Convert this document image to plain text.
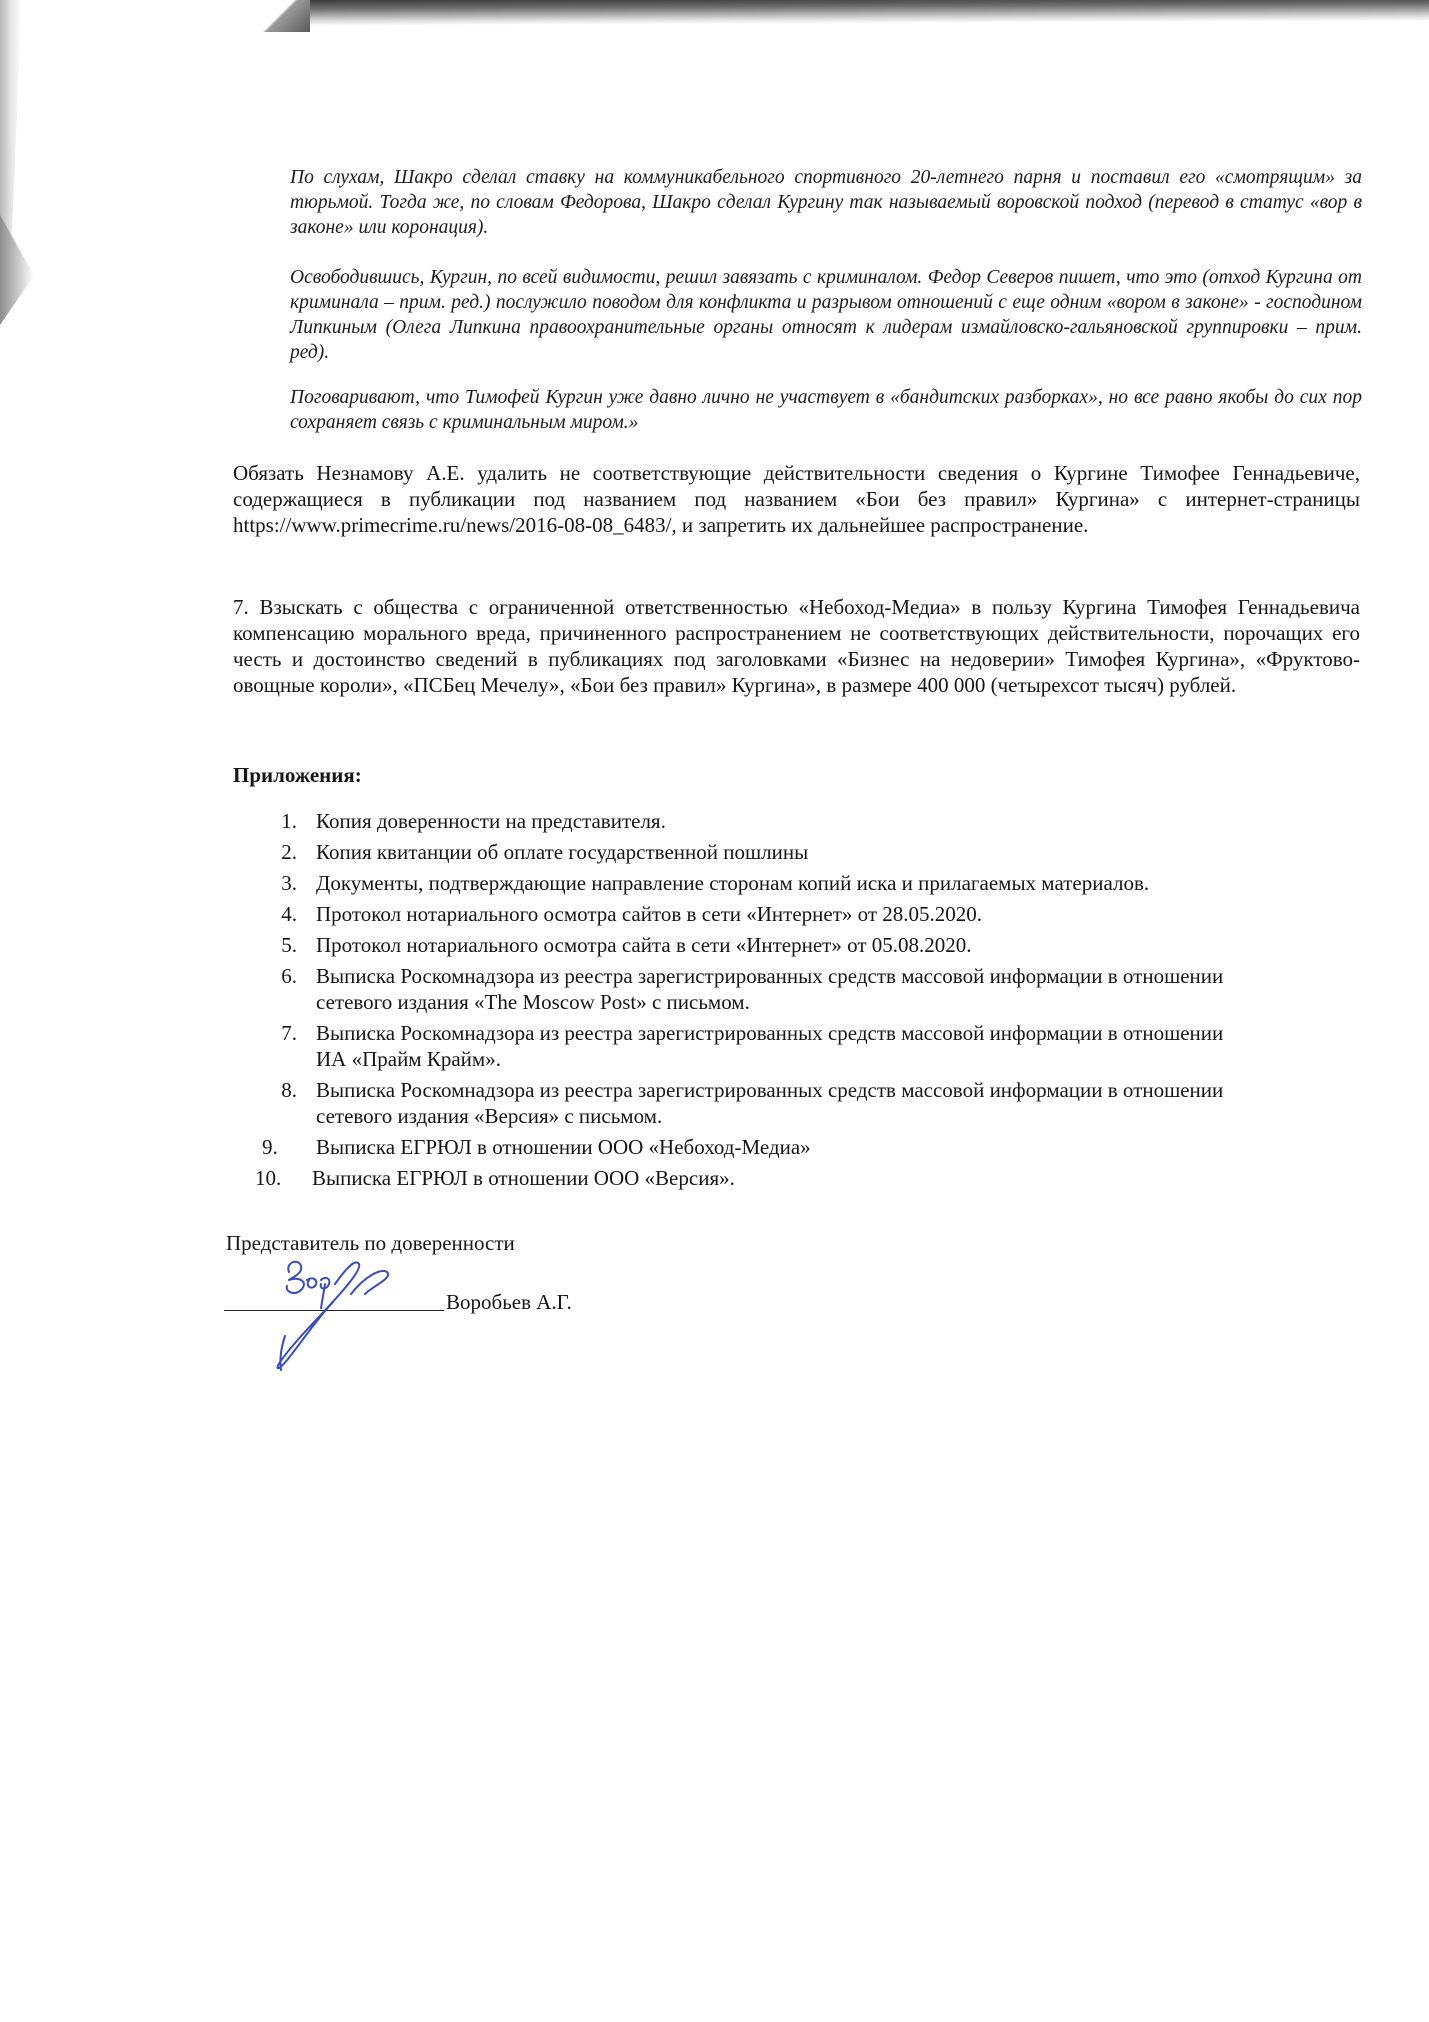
По слухам, Шакро сделал ставку на коммуникабельного спортивного 20-летнего парня и поставил его «смотрящим» за тюрьмой. Тогда же, по словам Федорова, Шакро сделал Кургину так называемый воровской подход (перевод в статус «вор в законе» или коронация).
Освободившись, Кургин, по всей видимости, решил завязать с криминалом. Федор Северов пишет, что это (отход Кургина от криминала – прим. ред.) послужило поводом для конфликта и разрывом отношений с еще одним «вором в законе» - господином Липкиным (Олега Липкина правоохранительные органы относят к лидерам измайловско-гальяновской группировки – прим. ред).
Поговаривают, что Тимофей Кургин уже давно лично не участвует в «бандитских разборках», но все равно якобы до сих пор сохраняет связь с криминальным миром.»
Обязать Незнамову А.Е. удалить не соответствующие действительности сведения о Кургине Тимофее Геннадьевиче, содержащиеся в публикации под названием под названием «Бои без правил» Кургина» с интернет-страницы https://www.primecrime.ru/news/2016-08-08_6483/, и запретить их дальнейшее распространение.
7. Взыскать с общества с ограниченной ответственностью «Небоход-Медиа» в пользу Кургина Тимофея Геннадьевича компенсацию морального вреда, причиненного распространением не соответствующих действительности, порочащих его честь и достоинство сведений в публикациях под заголовками «Бизнес на недоверии» Тимофея Кургина», «Фруктово-овощные короли», «ПСБец Мечелу», «Бои без правил» Кургина», в размере 400 000 (четырехсот тысяч) рублей.
Приложения:
1. Копия доверенности на представителя.
2. Копия квитанции об оплате государственной пошлины
3. Документы, подтверждающие направление сторонам копий иска и прилагаемых материалов.
4. Протокол нотариального осмотра сайтов в сети «Интернет» от 28.05.2020.
5. Протокол нотариального осмотра сайта в сети «Интернет» от 05.08.2020.
6. Выписка Роскомнадзора из реестра зарегистрированных средств массовой информации в отношении сетевого издания «The Moscow Post» с письмом.
7. Выписка Роскомнадзора из реестра зарегистрированных средств массовой информации в отношении ИА «Прайм Крайм».
8. Выписка Роскомнадзора из реестра зарегистрированных средств массовой информации в отношении сетевого издания «Версия» с письмом.
9.	Выписка ЕГРЮЛ в отношении ООО «Небоход-Медиа»
10.	Выписка ЕГРЮЛ в отношении ООО «Версия».
Представитель по доверенности
Воробьев А.Г.
